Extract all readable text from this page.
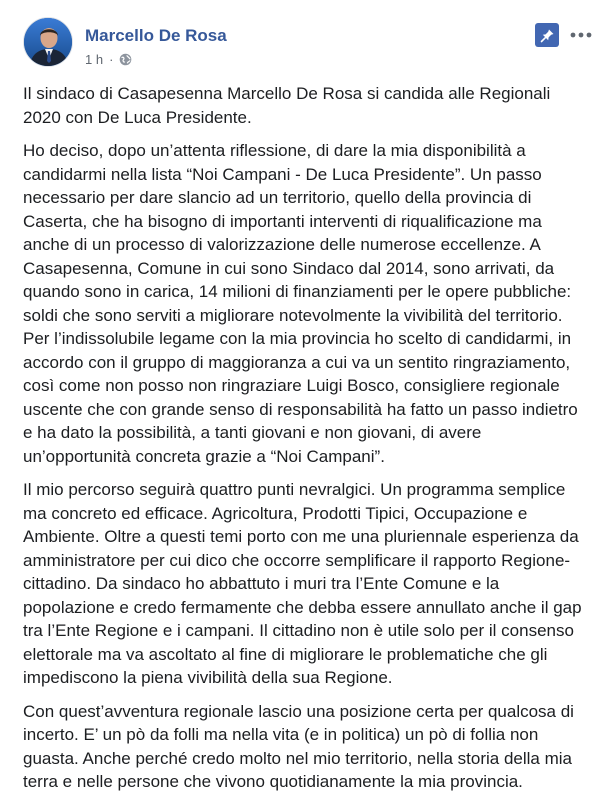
Marcello De Rosa
1 h ·

Il sindaco di Casapesenna Marcello De Rosa si candida alle Regionali 2020 con De Luca Presidente.

Ho deciso, dopo un’attenta riflessione, di dare la mia disponibilità a candidarmi nella lista “Noi Campani - De Luca Presidente”. Un passo necessario per dare slancio ad un territorio, quello della provincia di Caserta, che ha bisogno di importanti interventi di riqualificazione ma anche di un processo di valorizzazione delle numerose eccellenze. A Casapesenna, Comune in cui sono Sindaco dal 2014, sono arrivati, da quando sono in carica, 14 milioni di finanziamenti per le opere pubbliche: soldi che sono serviti a migliorare notevolmente la vivibilità del territorio. Per l’indissolubile legame con la mia provincia ho scelto di candidarmi, in accordo con il gruppo di maggioranza a cui va un sentito ringraziamento, così come non posso non ringraziare Luigi Bosco, consigliere regionale uscente che con grande senso di responsabilità ha fatto un passo indietro e ha dato la possibilità, a tanti giovani e non giovani, di avere un’opportunità concreta grazie a “Noi Campani”.

Il mio percorso seguirà quattro punti nevralgici. Un programma semplice ma concreto ed efficace. Agricoltura, Prodotti Tipici, Occupazione e Ambiente. Oltre a questi temi porto con me una pluriennale esperienza da amministratore per cui dico che occorre semplificare il rapporto Regione-cittadino. Da sindaco ho abbattuto i muri tra l’Ente Comune e la popolazione e credo fermamente che debba essere annullato anche il gap tra l’Ente Regione e i campani. Il cittadino non è utile solo per il consenso elettorale ma va ascoltato al fine di migliorare le problematiche che gli impediscono la piena vivibilità della sua Regione.

Con quest’avventura regionale lascio una posizione certa per qualcosa di incerto. E’ un pò da folli ma nella vita (e in politica) un pò di follia non guasta. Anche perché credo molto nel mio territorio, nella storia della mia terra e nelle persone che vivono quotidianamente la mia provincia.
